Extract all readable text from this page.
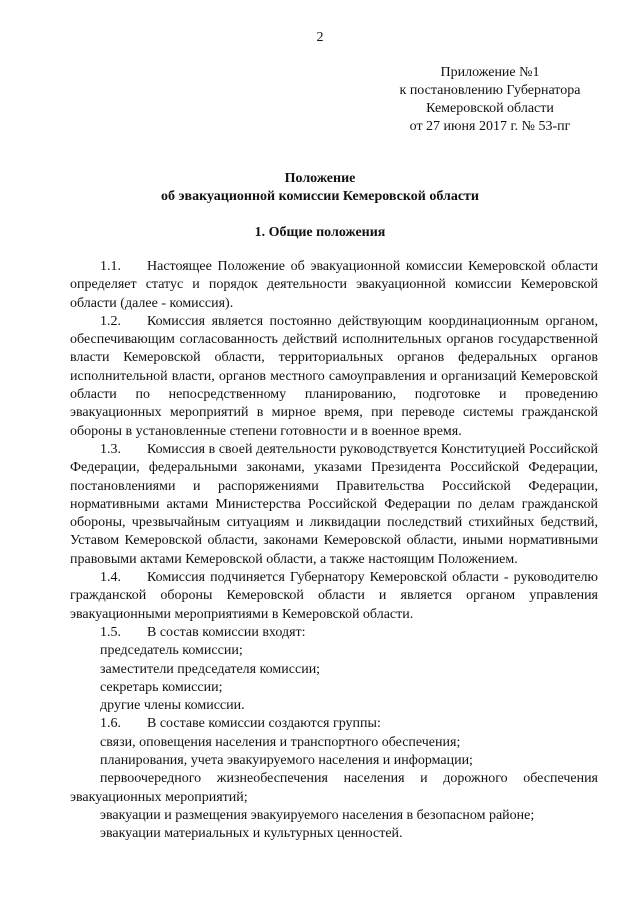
2
Приложение №1
к постановлению Губернатора
Кемеровской области
от 27 июня 2017 г. № 53-пг
Положение
об эвакуационной комиссии Кемеровской области
1. Общие положения

1.1. Настоящее Положение об эвакуационной комиссии Кемеровской области определяет статус и порядок деятельности эвакуационной комиссии Кемеровской области (далее - комиссия).

1.2. Комиссия является постоянно действующим координационным органом, обеспечивающим согласованность действий исполнительных органов государственной власти Кемеровской области, территориальных органов федеральных органов исполнительной власти, органов местного самоуправления и организаций Кемеровской области по непосредственному планированию, подготовке и проведению эвакуационных мероприятий в мирное время, при переводе системы гражданской обороны в установленные степени готовности и в военное время.

1.3. Комиссия в своей деятельности руководствуется Конституцией Российской Федерации, федеральными законами, указами Президента Российской Федерации, постановлениями и распоряжениями Правительства Российской Федерации, нормативными актами Министерства Российской Федерации по делам гражданской обороны, чрезвычайным ситуациям и ликвидации последствий стихийных бедствий, Уставом Кемеровской области, законами Кемеровской области, иными нормативными правовыми актами Кемеровской области, а также настоящим Положением.

1.4. Комиссия подчиняется Губернатору Кемеровской области - руководителю гражданской обороны Кемеровской области и является органом управления эвакуационными мероприятиями в Кемеровской области.

1.5. В состав комиссии входят:

председатель комиссии;

заместители председателя комиссии;

секретарь комиссии;

другие члены комиссии.

1.6. В составе комиссии создаются группы:

связи, оповещения населения и транспортного обеспечения;

планирования, учета эвакуируемого населения и информации;

первоочередного жизнеобеспечения населения и дорожного обеспечения эвакуационных мероприятий;

эвакуации и размещения эвакуируемого населения в безопасном районе;

эвакуации материальных и культурных ценностей.
